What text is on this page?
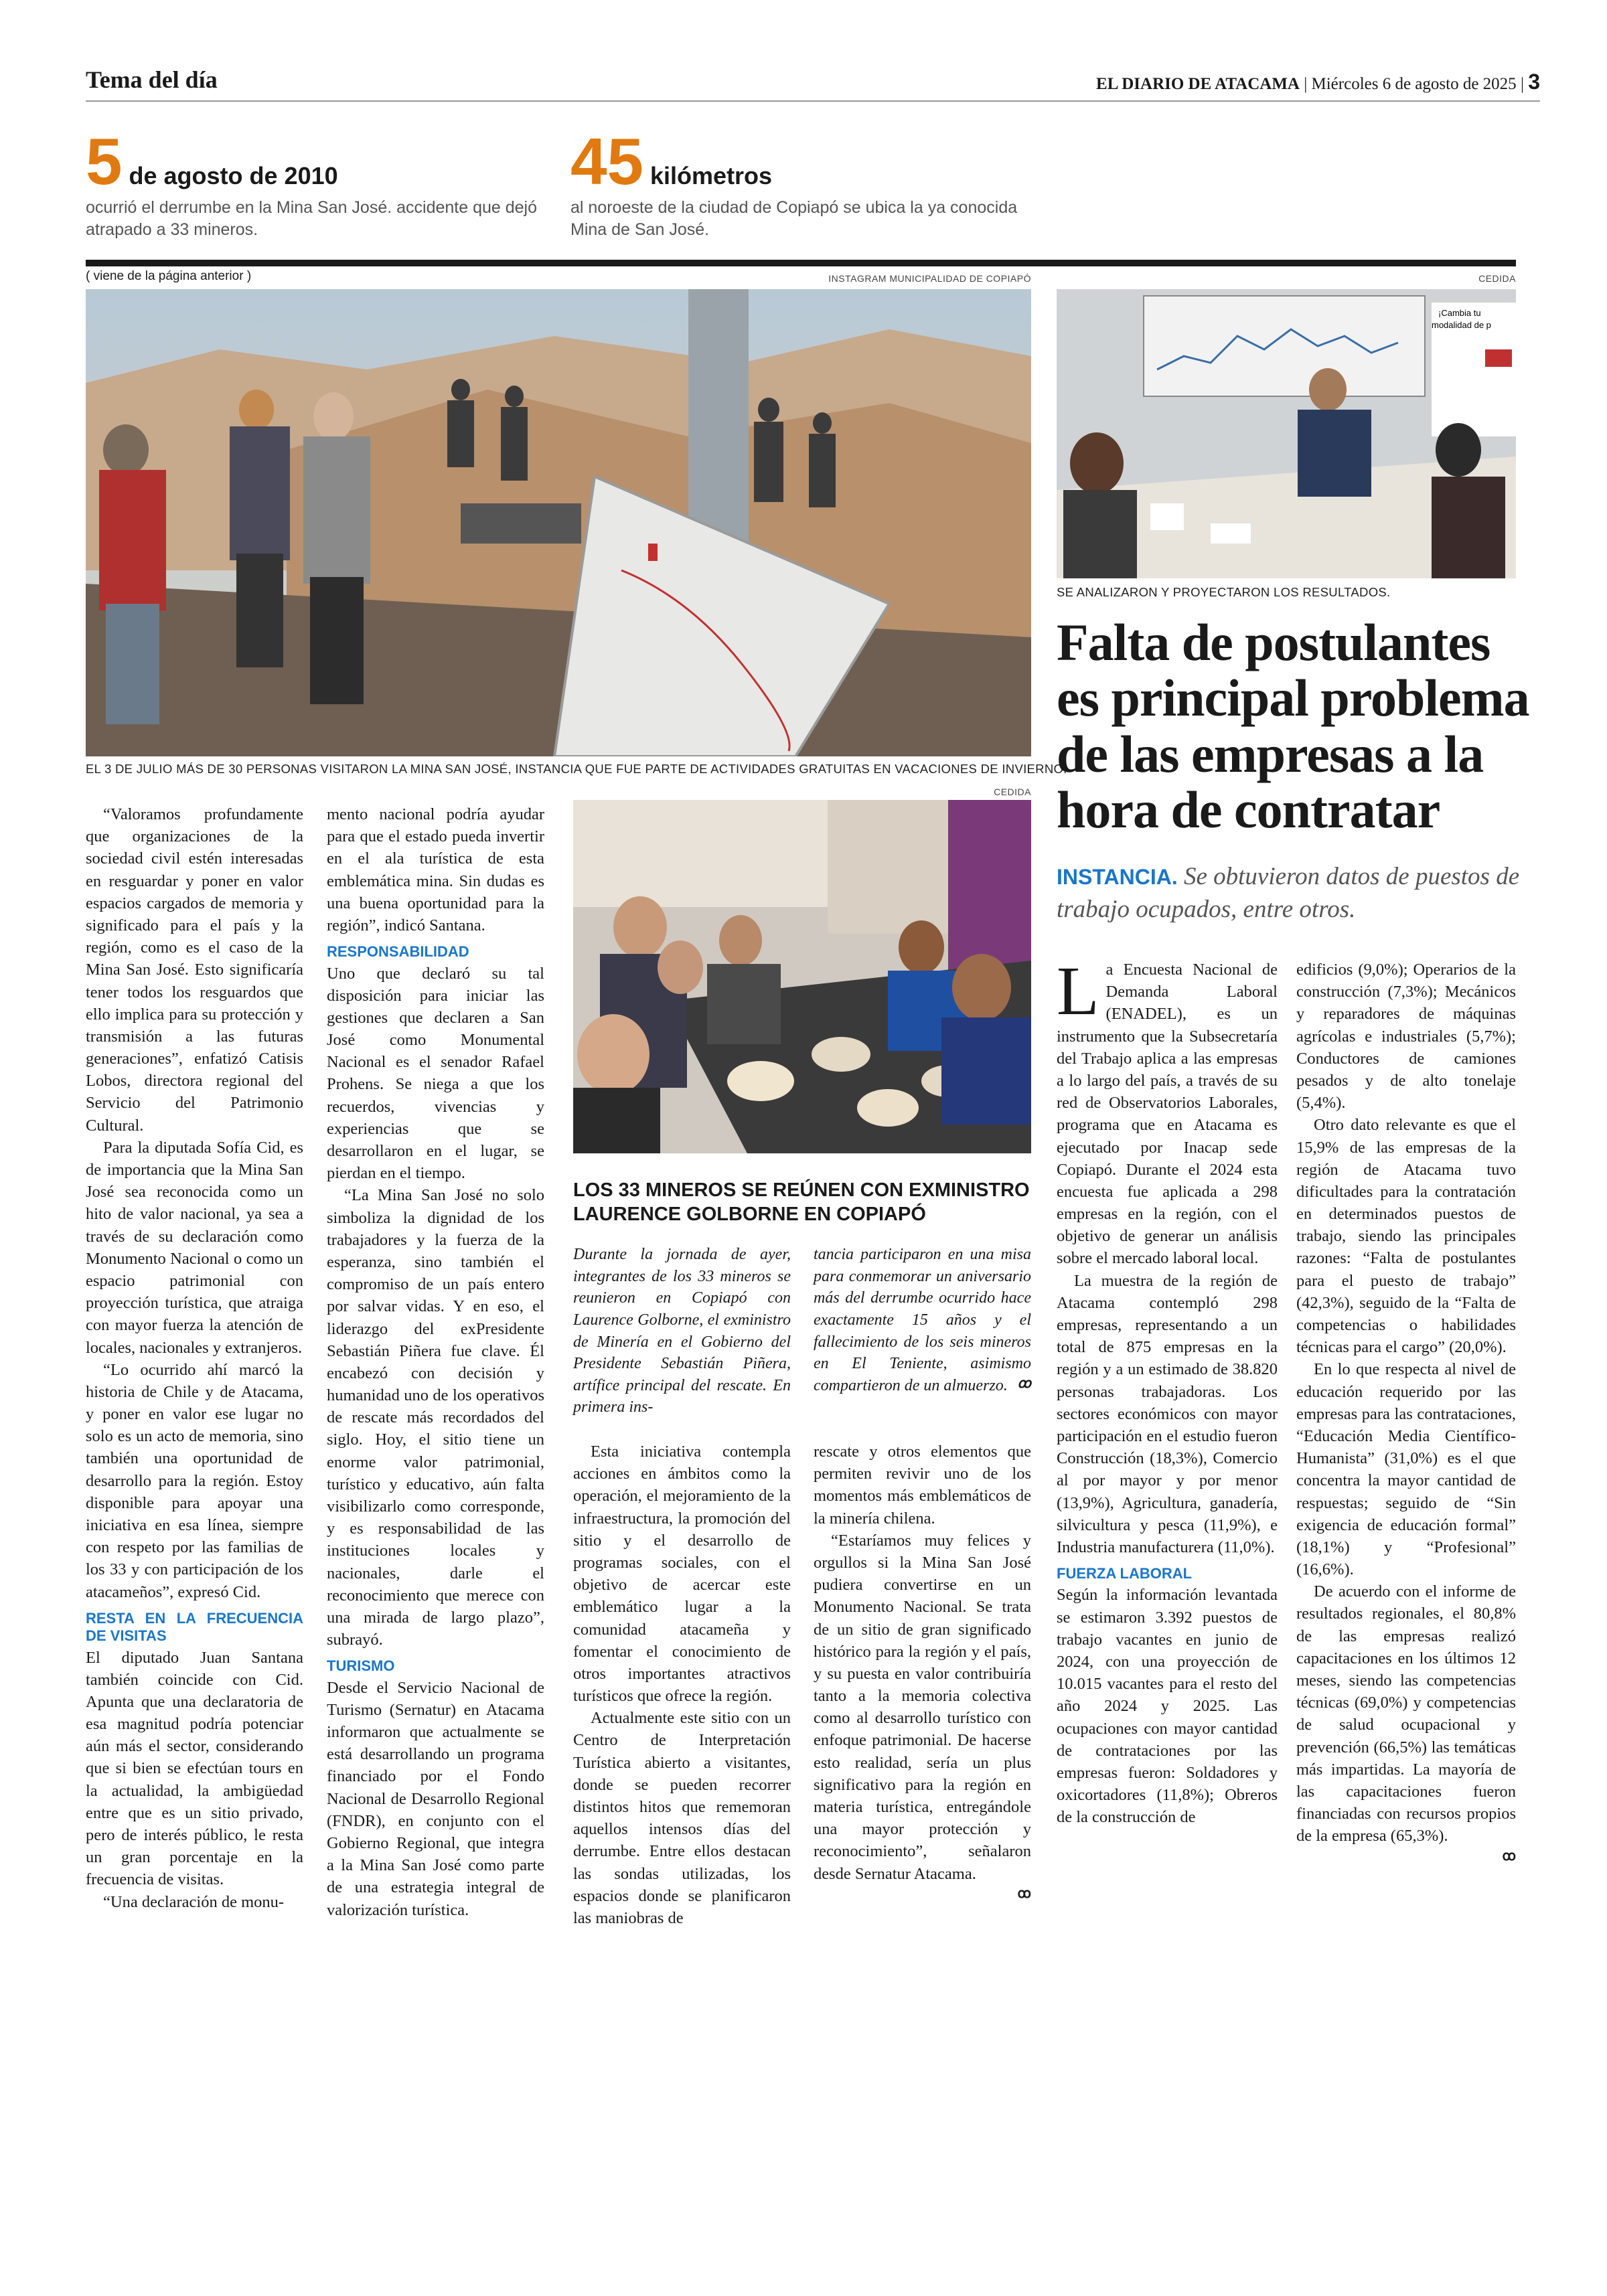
Tema del día	EL DIARIO DE ATACAMA | Miércoles 6 de agosto de 2025 | 3
5 de agosto de 2010
ocurrió el derrumbe en la Mina San José. accidente que dejó
atrapado a 33 mineros.
45 kilómetros
al noroeste de la ciudad de Copiapó se ubica la ya conocida
Mina de San José.
( viene de la página anterior )	INSTAGRAM MUNICIPALIDAD DE COPIAPÓ
EL 3 DE JULIO MÁS DE 30 PERSONAS VISITARON LA MINA SAN JOSÉ, INSTANCIA QUE FUE PARTE DE ACTIVIDADES GRATUITAS EN VACACIONES DE INVIERNO.
CEDIDA
¡Cambia tu
modalidad de p
SE ANALIZARON Y PROYECTARON LOS RESULTADOS.
Falta de postulantes es principal problema de las empresas a la hora de contratar
INSTANCIA. Se obtuvieron datos de puestos de trabajo ocupados, entre otros.

“Valoramos profundamente que organizaciones de la sociedad civil estén interesadas en resguardar y poner en valor espacios cargados de memoria y significado para el país y la región, como es el caso de la Mina San José. Esto significaría tener todos los resguardos que ello implica para su protección y transmisión a las futuras generaciones”, enfatizó Catisis Lobos, directora regional del Servicio del Patrimonio Cultural.

Para la diputada Sofía Cid, es de importancia que la Mina San José sea reconocida como un hito de valor nacional, ya sea a través de su declaración como Monumento Nacional o como un espacio patrimonial con proyección turística, que atraiga con mayor fuerza la atención de locales, nacionales y extranjeros.

“Lo ocurrido ahí marcó la historia de Chile y de Atacama, y poner en valor ese lugar no solo es un acto de memoria, sino también una oportunidad de desarrollo para la región. Estoy disponible para apoyar una iniciativa en esa línea, siempre con respeto por las familias de los 33 y con participación de los atacameños”, expresó Cid.

RESTA EN LA FRECUENCIA DE VISITAS

El diputado Juan Santana también coincide con Cid. Apunta que una declaratoria de esa magnitud podría potenciar aún más el sector, considerando que si bien se efectúan tours en la actualidad, la ambigüedad entre que es un sitio privado, pero de interés público, le resta un gran porcentaje en la frecuencia de visitas.

“Una declaración de monu-

mento nacional podría ayudar para que el estado pueda invertir en el ala turística de esta emblemática mina. Sin dudas es una buena oportunidad para la región”, indicó Santana.

RESPONSABILIDAD

Uno que declaró su tal disposición para iniciar las gestiones que declaren a San José como Monumental Nacional es el senador Rafael Prohens. Se niega a que los recuerdos, vivencias y experiencias que se desarrollaron en el lugar, se pierdan en el tiempo.

“La Mina San José no solo simboliza la dignidad de los trabajadores y la fuerza de la esperanza, sino también el compromiso de un país entero por salvar vidas. Y en eso, el liderazgo del exPresidente Sebastián Piñera fue clave. Él encabezó con decisión y humanidad uno de los operativos de rescate más recordados del siglo. Hoy, el sitio tiene un enorme valor patrimonial, turístico y educativo, aún falta visibilizarlo como corresponde, y es responsabilidad de las instituciones locales y nacionales, darle el reconocimiento que merece con una mirada de largo plazo”, subrayó.

TURISMO

Desde el Servicio Nacional de Turismo (Sernatur) en Atacama informaron que actualmente se está desarrollando un programa financiado por el Fondo Nacional de Desarrollo Regional (FNDR), en conjunto con el Gobierno Regional, que integra a la Mina San José como parte de una estrategia integral de valorización turística.

CEDIDA
LOS 33 MINEROS SE REÚNEN CON EXMINISTRO LAURENCE GOLBORNE EN COPIAPÓ
Durante la jornada de ayer, integrantes de los 33 mineros se reunieron en Copiapó con Laurence Golborne, el exministro de Minería en el Gobierno del Presidente Sebastián Piñera, artífice principal del rescate. En primera ins-
tancia participaron en una misa para conmemorar un aniversario más del derrumbe ocurrido hace exactamente 15 años y el fallecimiento de los seis mineros en El Teniente, asimismo compartieron de un almuerzo. ꝏ

Esta iniciativa contempla acciones en ámbitos como la operación, el mejoramiento de la infraestructura, la promoción del sitio y el desarrollo de programas sociales, con el objetivo de acercar este emblemático lugar a la comunidad atacameña y fomentar el conocimiento de otros importantes atractivos turísticos que ofrece la región.

Actualmente este sitio con un Centro de Interpretación Turística abierto a visitantes, donde se pueden recorrer distintos hitos que rememoran aquellos intensos días del derrumbe. Entre ellos destacan las sondas utilizadas, los espacios donde se planificaron las maniobras de

rescate y otros elementos que permiten revivir uno de los momentos más emblemáticos de la minería chilena.

“Estaríamos muy felices y orgullos si la Mina San José pudiera convertirse en un Monumento Nacional. Se trata de un sitio de gran significado histórico para la región y el país, y su puesta en valor contribuiría tanto a la memoria colectiva como al desarrollo turístico con enfoque patrimonial. De hacerse esto realidad, sería un plus significativo para la región en materia turística, entregándole una mayor protección y reconocimiento”, señalaron desde Sernatur Atacama.

ꝏ

La Encuesta Nacional de Demanda Laboral (ENADEL), es un instrumento que la Subsecretaría del Trabajo aplica a las empresas a lo largo del país, a través de su red de Observatorios Laborales, programa que en Atacama es ejecutado por Inacap sede Copiapó. Durante el 2024 esta encuesta fue aplicada a 298 empresas en la región, con el objetivo de generar un análisis sobre el mercado laboral local.

La muestra de la región de Atacama contempló 298 empresas, representando a un total de 875 empresas en la región y a un estimado de 38.820 personas trabajadoras. Los sectores económicos con mayor participación en el estudio fueron Construcción (18,3%), Comercio al por mayor y por menor (13,9%), Agricultura, ganadería, silvicultura y pesca (11,9%), e Industria manufacturera (11,0%).

FUERZA LABORAL

Según la información levantada se estimaron 3.392 puestos de trabajo vacantes en junio de 2024, con una proyección de 10.015 vacantes para el resto del año 2024 y 2025. Las ocupaciones con mayor cantidad de contrataciones por las empresas fueron: Soldadores y oxicortadores (11,8%); Obreros de la construcción de

edificios (9,0%); Operarios de la construcción (7,3%); Mecánicos y reparadores de máquinas agrícolas e industriales (5,7%); Conductores de camiones pesados y de alto tonelaje (5,4%).

Otro dato relevante es que el 15,9% de las empresas de la región de Atacama tuvo dificultades para la contratación en determinados puestos de trabajo, siendo las principales razones: “Falta de postulantes para el puesto de trabajo” (42,3%), seguido de la “Falta de competencias o habilidades técnicas para el cargo” (20,0%).

En lo que respecta al nivel de educación requerido por las empresas para las contrataciones, “Educación Media Científico-Humanista” (31,0%) es el que concentra la mayor cantidad de respuestas; seguido de “Sin exigencia de educación formal” (18,1%) y “Profesional” (16,6%).

De acuerdo con el informe de resultados regionales, el 80,8% de las empresas realizó capacitaciones en los últimos 12 meses, siendo las competencias técnicas (69,0%) y competencias de salud ocupacional y prevención (66,5%) las temáticas más impartidas. La mayoría de las capacitaciones fueron financiadas con recursos propios de la empresa (65,3%).

ꝏ
